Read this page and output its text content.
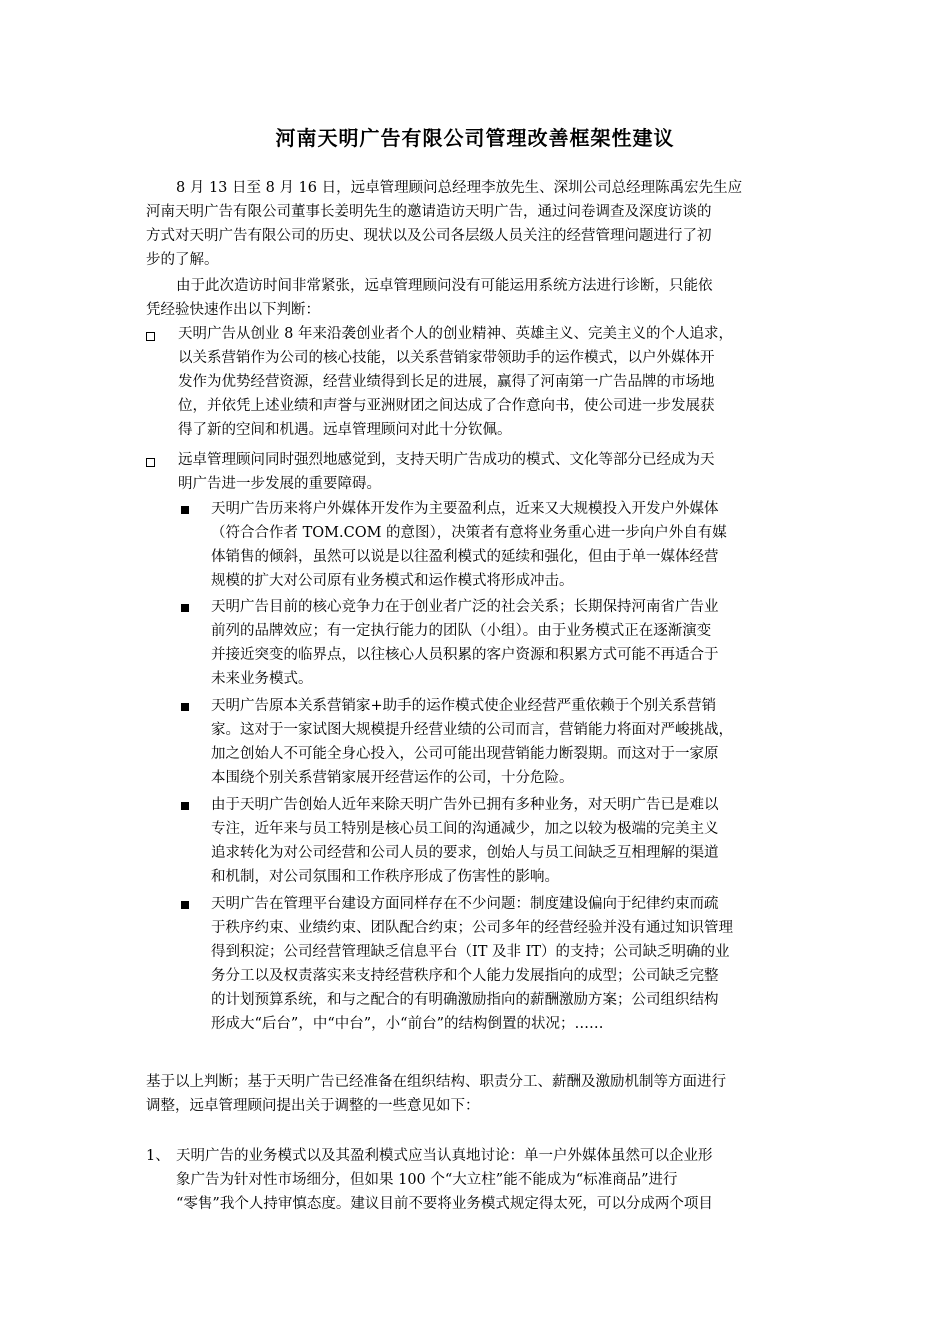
河南天明广告有限公司管理改善框架性建议
8 月 13 日至 8 月 16 日，远卓管理顾问总经理李放先生、深圳公司总经理陈禹宏先生应
河南天明广告有限公司董事长姜明先生的邀请造访天明广告，通过问卷调查及深度访谈的
方式对天明广告有限公司的历史、现状以及公司各层级人员关注的经营管理问题进行了初
步的了解。
由于此次造访时间非常紧张，远卓管理顾问没有可能运用系统方法进行诊断，只能依
凭经验快速作出以下判断：
天明广告从创业 8 年来沿袭创业者个人的创业精神、英雄主义、完美主义的个人追求，
以关系营销作为公司的核心技能，以关系营销家带领助手的运作模式，以户外媒体开
发作为优势经营资源，经营业绩得到长足的进展，赢得了河南第一广告品牌的市场地
位，并依凭上述业绩和声誉与亚洲财团之间达成了合作意向书，使公司进一步发展获
得了新的空间和机遇。远卓管理顾问对此十分钦佩。
远卓管理顾问同时强烈地感觉到，支持天明广告成功的模式、文化等部分已经成为天
明广告进一步发展的重要障碍。
天明广告历来将户外媒体开发作为主要盈利点，近来又大规模投入开发户外媒体
（符合合作者 TOM.COM 的意图），决策者有意将业务重心进一步向户外自有媒
体销售的倾斜，虽然可以说是以往盈利模式的延续和强化，但由于单一媒体经营
规模的扩大对公司原有业务模式和运作模式将形成冲击。
天明广告目前的核心竞争力在于创业者广泛的社会关系；长期保持河南省广告业
前列的品牌效应；有一定执行能力的团队（小组）。由于业务模式正在逐渐演变
并接近突变的临界点，以往核心人员积累的客户资源和积累方式可能不再适合于
未来业务模式。
天明广告原本关系营销家+助手的运作模式使企业经营严重依赖于个别关系营销
家。这对于一家试图大规模提升经营业绩的公司而言，营销能力将面对严峻挑战，
加之创始人不可能全身心投入，公司可能出现营销能力断裂期。而这对于一家原
本围绕个别关系营销家展开经营运作的公司，十分危险。
由于天明广告创始人近年来除天明广告外已拥有多种业务，对天明广告已是难以
专注，近年来与员工特别是核心员工间的沟通减少，加之以较为极端的完美主义
追求转化为对公司经营和公司人员的要求，创始人与员工间缺乏互相理解的渠道
和机制，对公司氛围和工作秩序形成了伤害性的影响。
天明广告在管理平台建设方面同样存在不少问题：制度建设偏向于纪律约束而疏
于秩序约束、业绩约束、团队配合约束；公司多年的经营经验并没有通过知识管理
得到积淀；公司经营管理缺乏信息平台（IT 及非 IT）的支持；公司缺乏明确的业
务分工以及权责落实来支持经营秩序和个人能力发展指向的成型；公司缺乏完整
的计划预算系统，和与之配合的有明确激励指向的薪酬激励方案；公司组织结构
形成大“后台”，中“中台”，小“前台”的结构倒置的状况；……
基于以上判断；基于天明广告已经准备在组织结构、职责分工、薪酬及激励机制等方面进行
调整，远卓管理顾问提出关于调整的一些意见如下：
1、 天明广告的业务模式以及其盈利模式应当认真地讨论：单一户外媒体虽然可以企业形
象广告为针对性市场细分，但如果 100 个“大立柱”能不能成为“标准商品”进行
“零售”我个人持审慎态度。建议目前不要将业务模式规定得太死，可以分成两个项目
